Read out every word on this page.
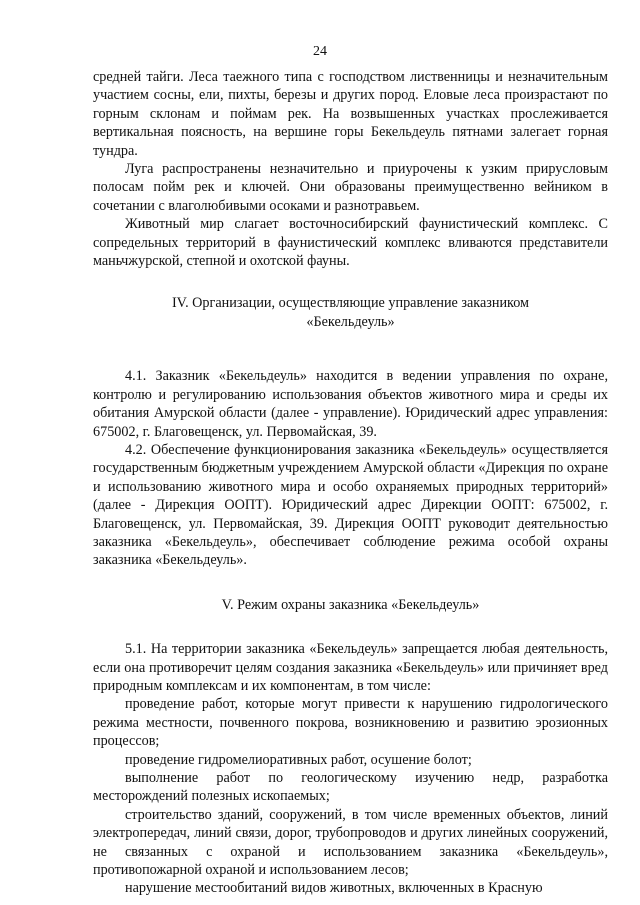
24

средней тайги. Леса таежного типа с господством лиственницы и незначительным участием сосны, ели, пихты, березы и других пород. Еловые леса произрастают по горным склонам и поймам рек. На возвышенных участках прослеживается вертикальная поясность, на вершине горы Бекельдеуль пятнами залегает горная тундра.

Луга распространены незначительно и приурочены к узким прирусловым полосам пойм рек и ключей. Они образованы преимущественно вейником в сочетании с влаголюбивыми осоками и разнотравьем.

Животный мир слагает восточносибирский фаунистический комплекс. С сопредельных территорий в фаунистический комплекс вливаются представители маньчжурской, степной и охотской фауны.

IV. Организации, осуществляющие управление заказником «Бекельдеуль»

4.1. Заказник «Бекельдеуль» находится в ведении управления по охране, контролю и регулированию использования объектов животного мира и среды их обитания Амурской области (далее - управление). Юридический адрес управления: 675002, г. Благовещенск, ул. Первомайская, 39.

4.2. Обеспечение функционирования заказника «Бекельдеуль» осуществляется государственным бюджетным учреждением Амурской области «Дирекция по охране и использованию животного мира и особо охраняемых природных территорий» (далее - Дирекция ООПТ). Юридический адрес Дирекции ООПТ: 675002, г. Благовещенск, ул. Первомайская, 39. Дирекция ООПТ руководит деятельностью заказника «Бекельдеуль», обеспечивает соблюдение режима особой охраны заказника «Бекельдеуль».

V. Режим охраны заказника «Бекельдеуль»

5.1. На территории заказника «Бекельдеуль» запрещается любая деятельность, если она противоречит целям создания заказника «Бекельдеуль» или причиняет вред природным комплексам и их компонентам, в том числе:

проведение работ, которые могут привести к нарушению гидрологического режима местности, почвенного покрова, возникновению и развитию эрозионных процессов;

проведение гидромелиоративных работ, осушение болот;

выполнение работ по геологическому изучению недр, разработка месторождений полезных ископаемых;

строительство зданий, сооружений, в том числе временных объектов, линий электропередач, линий связи, дорог, трубопроводов и других линейных сооружений, не связанных с охраной и использованием заказника «Бекельдеуль», противопожарной охраной и использованием лесов;

нарушение местообитаний видов животных, включенных в Красную
